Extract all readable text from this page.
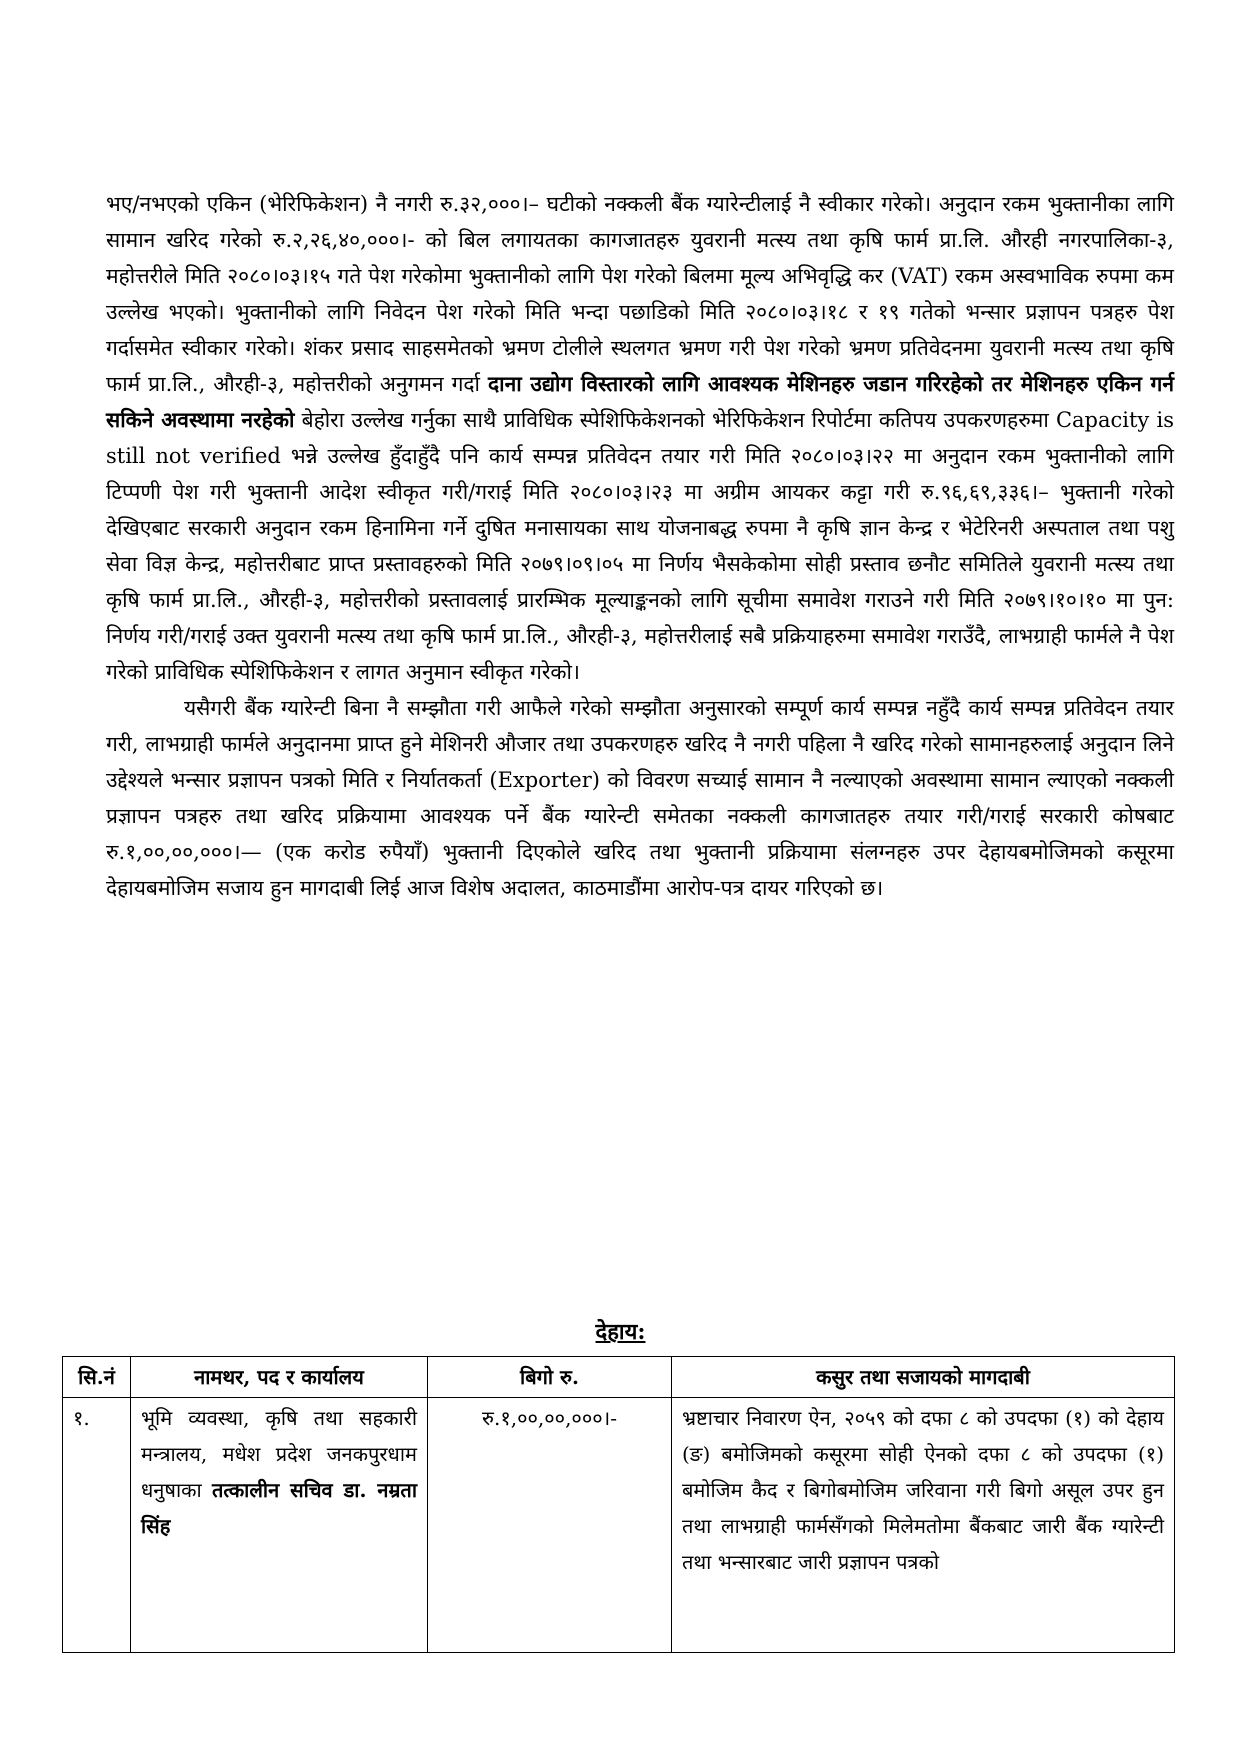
भए/नभएको एकिन (भेरिफिकेशन) नै नगरी रु.३२,०००।– घटीको नक्कली बैंक ग्यारेन्टीलाई नै स्वीकार गरेको। अनुदान रकम भुक्तानीका लागि सामान खरिद गरेको रु.२,२६,४०,०००।- को बिल लगायतका कागजातहरु युवरानी मत्स्य तथा कृषि फार्म प्रा.लि. औरही नगरपालिका-३, महोत्तरीले मिति २०८०।०३।१५ गते पेश गरेकोमा भुक्तानीको लागि पेश गरेको बिलमा मूल्य अभिवृद्धि कर (VAT) रकम अस्वभाविक रुपमा कम उल्लेख भएको। भुक्तानीको लागि निवेदन पेश गरेको मिति भन्दा पछाडिको मिति २०८०।०३।१८ र १९ गतेको भन्सार प्रज्ञापन पत्रहरु पेश गर्दासमेत स्वीकार गरेको। शंकर प्रसाद साहसमेतको भ्रमण टोलीले स्थलगत भ्रमण गरी पेश गरेको भ्रमण प्रतिवेदनमा युवरानी मत्स्य तथा कृषि फार्म प्रा.लि., औरही-३, महोत्तरीको अनुगमन गर्दा दाना उद्योग विस्तारको लागि आवश्यक मेशिनहरु जडान गरिरहेको तर मेशिनहरु एकिन गर्न सकिने अवस्थामा नरहेको बेहोरा उल्लेख गर्नुका साथै प्राविधिक स्पेशिफिकेशनको भेरिफिकेशन रिपोर्टमा कतिपय उपकरणहरुमा Capacity is still not verified भन्ने उल्लेख हुँदाहुँदै पनि कार्य सम्पन्न प्रतिवेदन तयार गरी मिति २०८०।०३।२२ मा अनुदान रकम भुक्तानीको लागि टिप्पणी पेश गरी भुक्तानी आदेश स्वीकृत गरी/गराई मिति २०८०।०३।२३ मा अग्रीम आयकर कट्टा गरी रु.९६,६९,३३६।– भुक्तानी गरेको देखिएबाट सरकारी अनुदान रकम हिनामिना गर्ने दुषित मनासायका साथ योजनाबद्ध रुपमा नै कृषि ज्ञान केन्द्र र भेटेरिनरी अस्पताल तथा पशु सेवा विज्ञ केन्द्र, महोत्तरीबाट प्राप्त प्रस्तावहरुको मिति २०७९।०९।०५ मा निर्णय भैसकेकोमा सोही प्रस्ताव छनौट समितिले युवरानी मत्स्य तथा कृषि फार्म प्रा.लि., औरही-३, महोत्तरीको प्रस्तावलाई प्रारम्भिक मूल्याङ्कनको लागि सूचीमा समावेश गराउने गरी मिति २०७९।१०।१० मा पुन: निर्णय गरी/गराई उक्त युवरानी मत्स्य तथा कृषि फार्म प्रा.लि., औरही-३, महोत्तरीलाई सबै प्रक्रियाहरुमा समावेश गराउँदै, लाभग्राही फार्मले नै पेश गरेको प्राविधिक स्पेशिफिकेशन र लागत अनुमान स्वीकृत गरेको।

यसैगरी बैंक ग्यारेन्टी बिना नै सम्झौता गरी आफैले गरेको सम्झौता अनुसारको सम्पूर्ण कार्य सम्पन्न नहुँदै कार्य सम्पन्न प्रतिवेदन तयार गरी, लाभग्राही फार्मले अनुदानमा प्राप्त हुने मेशिनरी औजार तथा उपकरणहरु खरिद नै नगरी पहिला नै खरिद गरेको सामानहरुलाई अनुदान लिने उद्देश्यले भन्सार प्रज्ञापन पत्रको मिति र निर्यातकर्ता (Exporter) को विवरण सच्याई सामान नै नल्याएको अवस्थामा सामान ल्याएको नक्कली प्रज्ञापन पत्रहरु तथा खरिद प्रक्रियामा आवश्यक पर्ने बैंक ग्यारेन्टी समेतका नक्कली कागजातहरु तयार गरी/गराई सरकारी कोषबाट रु.१,००,००,०००।— (एक करोड रुपैयाँ) भुक्तानी दिएकोले खरिद तथा भुक्तानी प्रक्रियामा संलग्नहरु उपर देहायबमोजिमको कसूरमा देहायबमोजिम सजाय हुन मागदाबी लिई आज विशेष अदालत, काठमाडौंमा आरोप-पत्र दायर गरिएको छ।

देहाय:
सि.नं	नामथर, पद र कार्यालय	बिगो रु.	कसुर तथा सजायको मागदाबी
१.	भूमि व्यवस्था, कृषि तथा सहकारी मन्त्रालय, मधेश प्रदेश जनकपुरधाम धनुषाका तत्कालीन सचिव डा. नम्रता सिंह	रु.१,००,००,०००।-	भ्रष्टाचार निवारण ऐन, २०५९ को दफा ८ को उपदफा (१) को देहाय (ङ) बमोजिमको कसूरमा सोही ऐनको दफा ८ को उपदफा (१) बमोजिम कैद र बिगोबमोजिम जरिवाना गरी बिगो असूल उपर हुन तथा लाभग्राही फार्मसँगको मिलेमतोमा बैंकबाट जारी बैंक ग्यारेन्टी तथा भन्सारबाट जारी प्रज्ञापन पत्रको
